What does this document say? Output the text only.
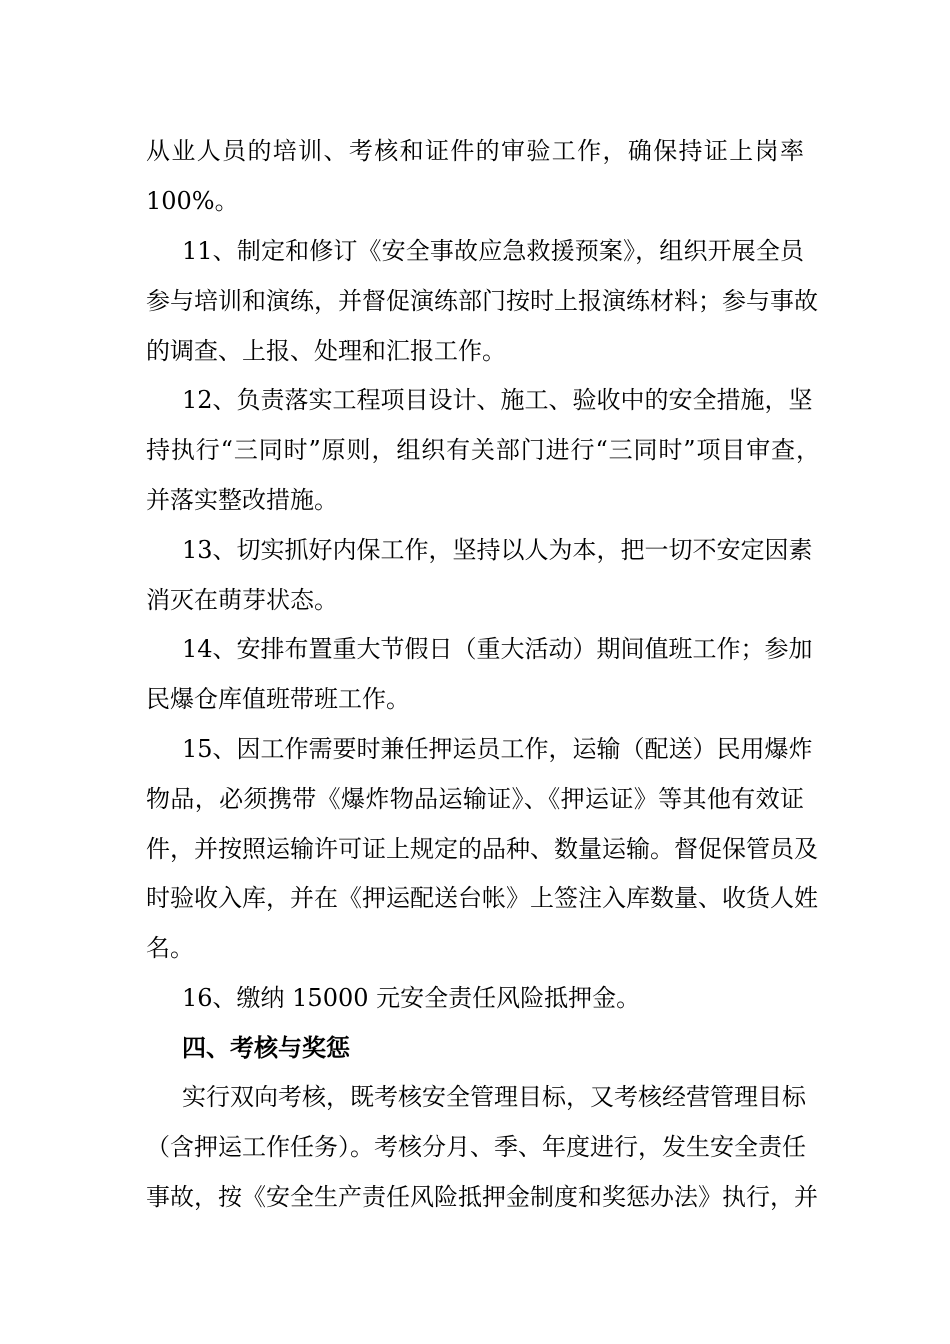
从业人员的培训、考核和证件的审验工作，确保持证上岗率
100%。
11、制定和修订《安全事故应急救援预案》，组织开展全员
参与培训和演练，并督促演练部门按时上报演练材料；参与事故
的调查、上报、处理和汇报工作。
12、负责落实工程项目设计、施工、验收中的安全措施，坚
持执行“三同时”原则，组织有关部门进行“三同时”项目审查，
并落实整改措施。
13、切实抓好内保工作，坚持以人为本，把一切不安定因素
消灭在萌芽状态。
14、安排布置重大节假日（重大活动）期间值班工作；参加
民爆仓库值班带班工作。
15、因工作需要时兼任押运员工作，运输（配送）民用爆炸
物品，必须携带《爆炸物品运输证》、《押运证》等其他有效证
件，并按照运输许可证上规定的品种、数量运输。督促保管员及
时验收入库，并在《押运配送台帐》上签注入库数量、收货人姓
名。
16、缴纳 15000 元安全责任风险抵押金。
四、考核与奖惩
实行双向考核，既考核安全管理目标，又考核经营管理目标
（含押运工作任务）。考核分月、季、年度进行，发生安全责任
事故，按《安全生产责任风险抵押金制度和奖惩办法》执行，并
